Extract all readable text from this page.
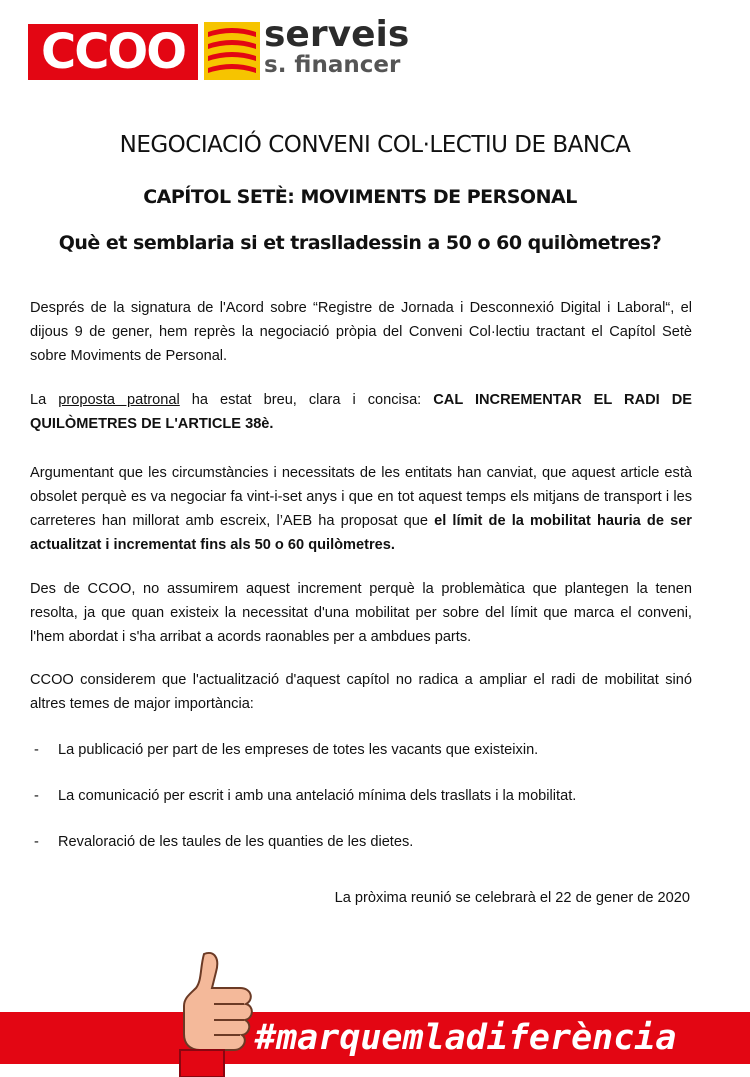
CCOO	serveis
s. financer
NEGOCIACIÓ CONVENI COL·LECTIU DE BANCA
CAPÍTOL SETÈ: MOVIMENTS DE PERSONAL
Què et semblaria si et traslladessin a 50 o 60 quilòmetres?
Després de la signatura de l'Acord sobre “Registre de Jornada i Desconnexió Digital i Laboral“, el dijous 9 de gener, hem reprès la negociació pròpia del Conveni Col·lectiu tractant el Capítol Setè sobre Moviments de Personal.
La proposta patronal ha estat breu, clara i concisa: CAL INCREMENTAR EL RADI DE QUILÒMETRES DE L'ARTICLE 38è.
Argumentant que les circumstàncies i necessitats de les entitats han canviat, que aquest article està obsolet perquè es va negociar fa vint-i-set anys i que en tot aquest temps els mitjans de transport i les carreteres han millorat amb escreix, l’AEB ha proposat que el límit de la mobilitat hauria de ser actualitzat i incrementat fins als 50 o 60 quilòmetres.
Des de CCOO, no assumirem aquest increment perquè la problemàtica que plantegen la tenen resolta, ja que quan existeix la necessitat d'una mobilitat per sobre del límit que marca el conveni, l'hem abordat i s'ha arribat a acords raonables per a ambdues parts.
CCOO considerem que l'actualització d'aquest capítol no radica a ampliar el radi de mobilitat sinó altres temes de major importància:
- La publicació per part de les empreses de totes les vacants que existeixin.
- La comunicació per escrit i amb una antelació mínima dels trasllats i la mobilitat.
- Revaloració de les taules de les quanties de les dietes.
La pròxima reunió se celebrarà el 22 de gener de 2020
#marquemladiferència
